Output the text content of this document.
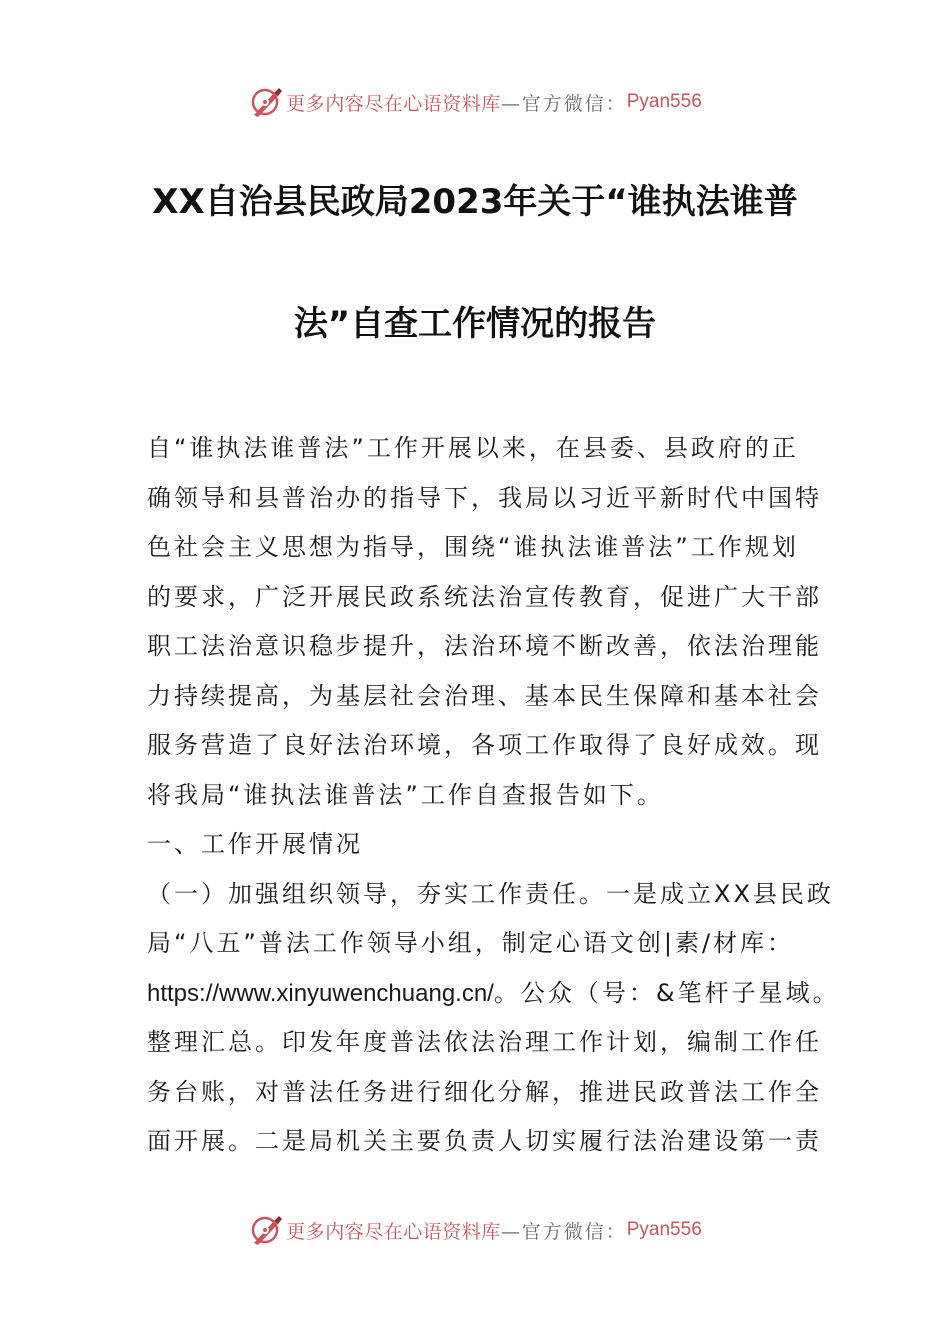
更多内容尽在心语资料库 —官方微信： Pyan556
XX自治县民政局2023年关于“谁执法谁普
法”自查工作情况的报告
自“谁执法谁普法”工作开展以来，在县委、县政府的正
确领导和县普治办的指导下，我局以习近平新时代中国特
色社会主义思想为指导，围绕“谁执法谁普法”工作规划
的要求，广泛开展民政系统法治宣传教育，促进广大干部
职工法治意识稳步提升，法治环境不断改善，依法治理能
力持续提高，为基层社会治理、基本民生保障和基本社会
服务营造了良好法治环境，各项工作取得了良好成效。现
将我局“谁执法谁普法”工作自查报告如下。
一、工作开展情况
（一）加强组织领导，夯实工作责任。一是成立XX县民政
局“八五”普法工作领导小组，制定心语文创|素/材库：
https://www.xinyuwenchuang.cn/。公众（号：&笔杆子星域。
整理汇总。印发年度普法依法治理工作计划，编制工作任
务台账，对普法任务进行细化分解，推进民政普法工作全
面开展。二是局机关主要负责人切实履行法治建设第一责
更多内容尽在心语资料库 —官方微信： Pyan556
